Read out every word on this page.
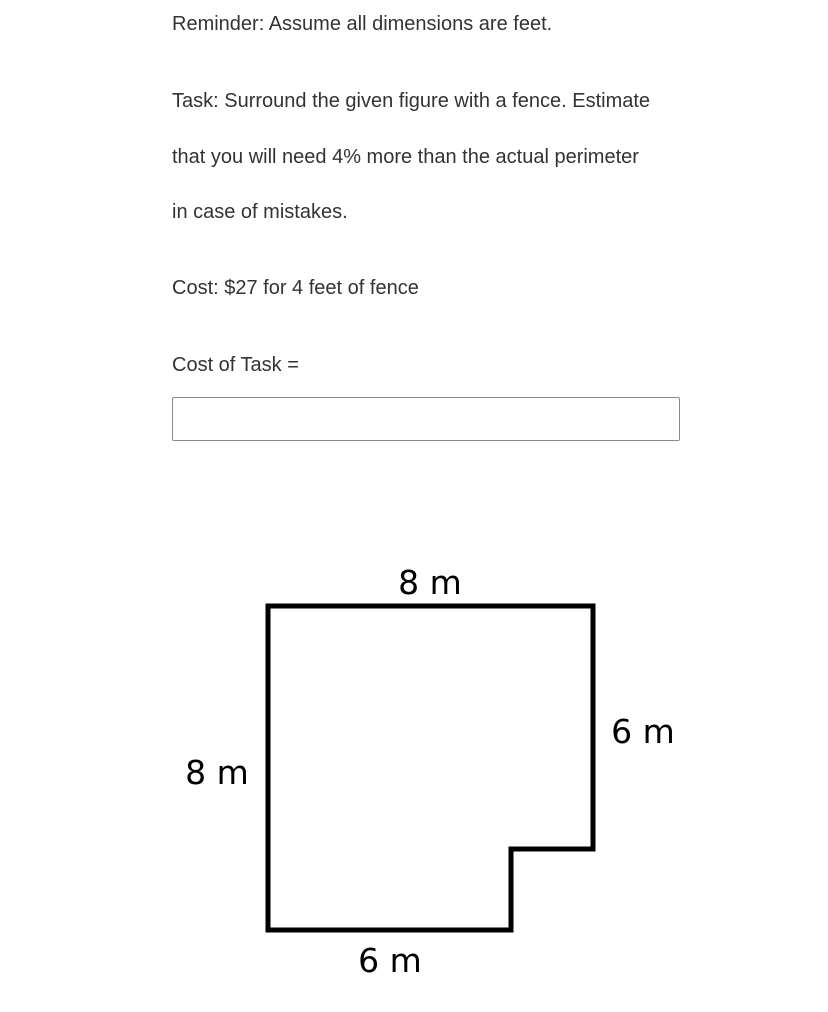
Reminder: Assume all dimensions are feet.

Task: Surround the given figure with a fence. Estimate

that you will need 4% more than the actual perimeter

in case of mistakes.

Cost: $27 for 4 feet of fence

Cost of Task =

8 m
8 m
6 m
6 m
